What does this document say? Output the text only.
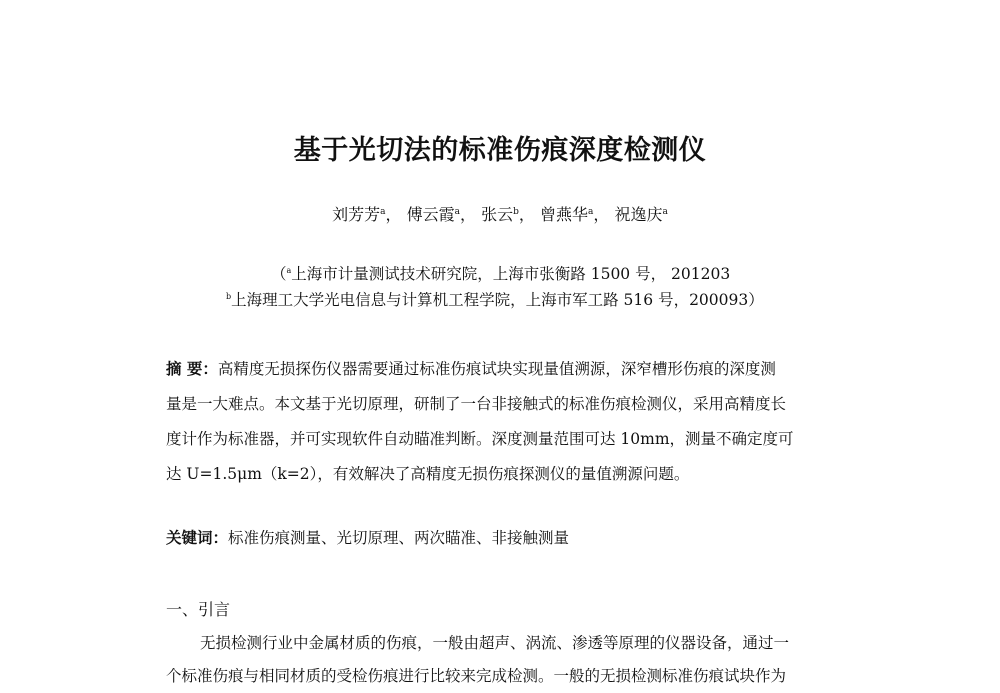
基于光切法的标准伤痕深度检测仪
刘芳芳$^a$， 傅云霞$^a$， 张云$^b$， 曾燕华$^a$， 祝逸庆$^a$
（$^a$上海市计量测试技术研究院，上海市张衡路 1500 号， 201203
$^b$上海理工大学光电信息与计算机工程学院，上海市军工路 516 号，200093）
摘 要：高精度无损探伤仪器需要通过标准伤痕试块实现量值溯源，深窄槽形伤痕的深度测
量是一大难点。本文基于光切原理，研制了一台非接触式的标准伤痕检测仪，采用高精度长
度计作为标准器，并可实现软件自动瞄准判断。深度测量范围可达 10mm，测量不确定度可
达 U=1.5μm（k=2），有效解决了高精度无损伤痕探测仪的量值溯源问题。
关键词：标准伤痕测量、光切原理、两次瞄准、非接触测量
一、引言
无损检测行业中金属材质的伤痕，一般由超声、涡流、渗透等原理的仪器设备，通过一
个标准伤痕与相同材质的受检伤痕进行比较来完成检测。一般的无损检测标准伤痕试块作为
